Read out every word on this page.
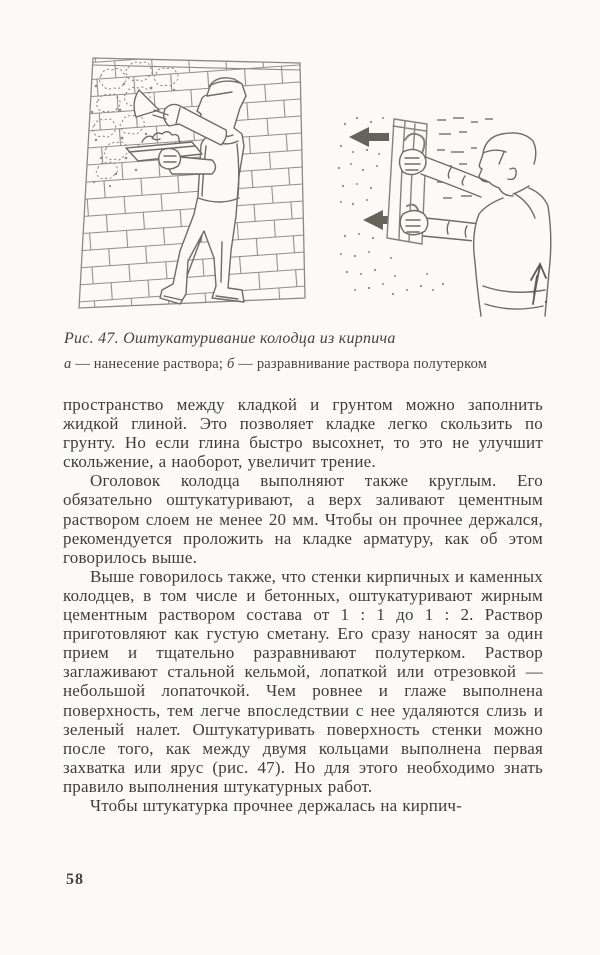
Рис. 47. Оштукатуривание колодца из кирпича
а — нанесение раствора; б — разравнивание раствора полутерком

пространство между кладкой и грунтом можно заполнить жидкой глиной. Это позволяет кладке легко скользить по грунту. Но если глина быстро высохнет, то это не улучшит скольжение, а наоборот, увеличит трение.

Оголовок колодца выполняют также круглым. Его обязательно оштукатуривают, а верх заливают цементным раствором слоем не менее 20 мм. Чтобы он прочнее держался, рекомендуется проложить на кладке арматуру, как об этом говорилось выше.

Выше говорилось также, что стенки кирпичных и каменных колодцев, в том числе и бетонных, оштукатуривают жирным цементным раствором состава от 1 : 1 до 1 : 2. Раствор приготовляют как густую сметану. Его сразу наносят за один прием и тщательно разравнивают полутерком. Раствор заглаживают стальной кельмой, лопаткой или отрезовкой — небольшой лопаточкой. Чем ровнее и глаже выполнена поверхность, тем легче впоследствии с нее удаляются слизь и зеленый налет. Оштукатуривать поверхность стенки можно после того, как между двумя кольцами выполнена первая захватка или ярус (рис. 47). Но для этого необходимо знать правило выполнения штукатурных работ.

Чтобы штукатурка прочнее держалась на кирпич-

58
